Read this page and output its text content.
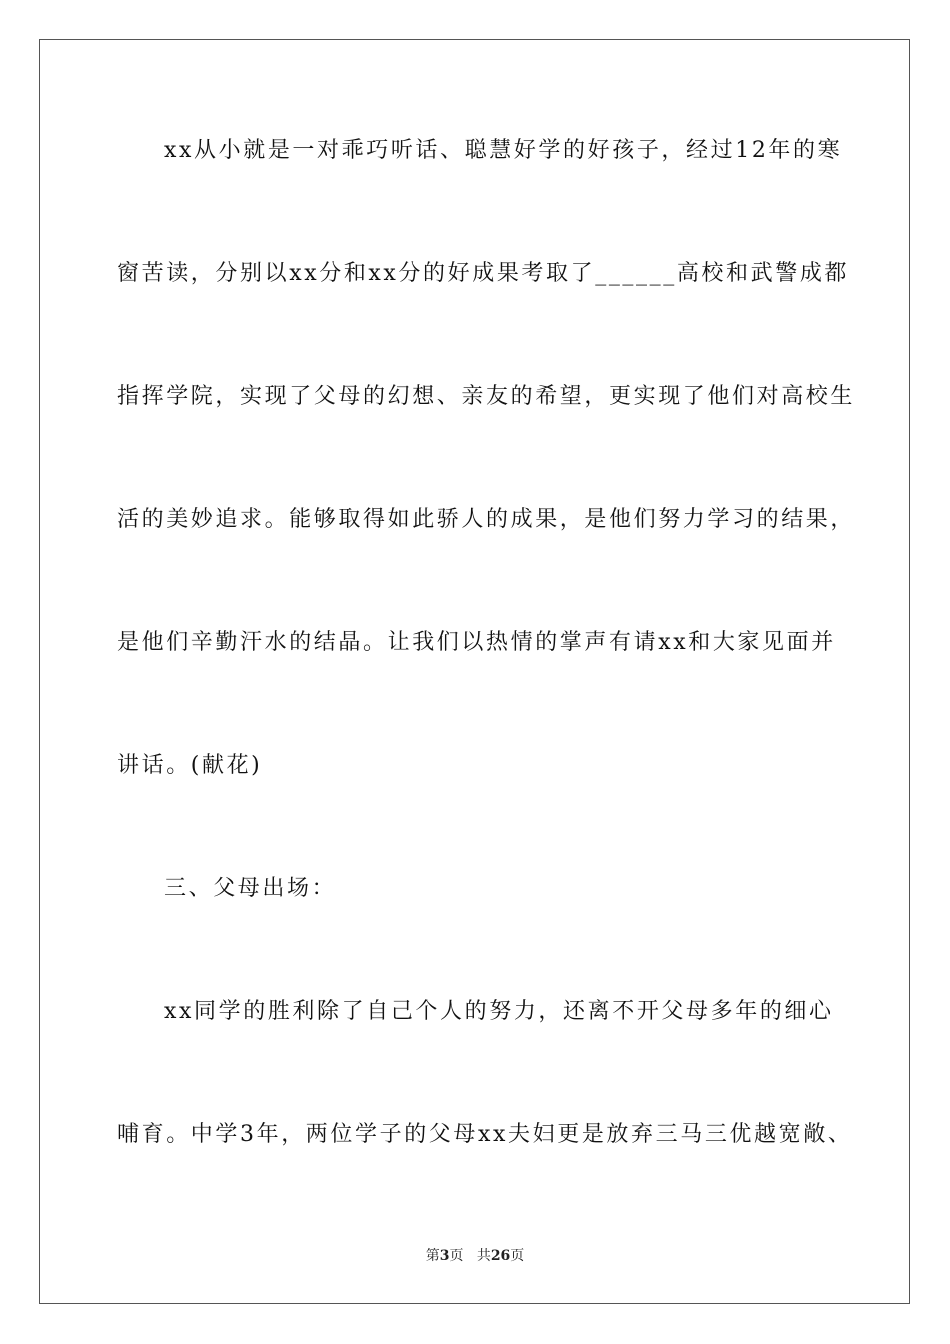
xx从小就是一对乖巧听话、聪慧好学的好孩子，经过12年的寒
窗苦读，分别以xx分和xx分的好成果考取了______高校和武警成都
指挥学院，实现了父母的幻想、亲友的希望，更实现了他们对高校生
活的美妙追求。能够取得如此骄人的成果，是他们努力学习的结果，
是他们辛勤汗水的结晶。让我们以热情的掌声有请xx和大家见面并
讲话。(献花)
三、父母出场：
xx同学的胜利除了自己个人的努力，还离不开父母多年的细心
哺育。中学3年，两位学子的父母xx夫妇更是放弃三马三优越宽敞、
第3页 共26页
